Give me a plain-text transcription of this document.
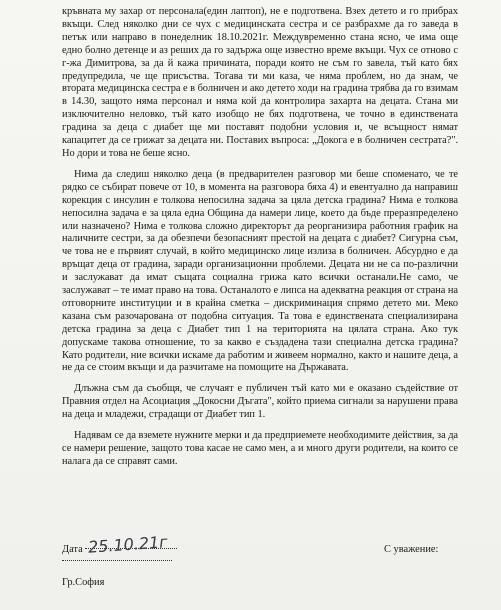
кръвната му захар от персонала(един лаптоп), не е подготвена. Взех детето и го прибрах вкъщи. След няколко дни се чух с медицинската сестра и се разбрахме да го заведа в петък или направо в понеделник 18.10.2021г. Междувременно стана ясно, че има още едно болно детенце и аз реших да го задържа още известно време вкъщи. Чух се отново с г-жа Димитрова, за да й кажа причината, поради която не съм го завела, тъй като бях предупредила, че ще присъства. Тогава ти ми каза, че няма проблем, но да знам, че втората медицинска сестра е в болничен и ако детето ходи на градина трябва да го взимам в 14.30, защото няма персонал и няма кой да контролира захарта на децата. Стана ми изключително неловко, тъй като изобщо не бях подготвена, че точно в единствената градина за деца с диабет ще ми поставят подобни условия и, че всъщност нямат капацитет да се грижат за децата ни. Поставих въпроса: „Докога е в болничен сестрата?". Но дори и това не беше ясно.

Нима да следиш няколко деца (в предварителен разговор ми беше споменато, че те рядко се събират повече от 10, в момента на разговора бяха 4) и евентуално да направиш корекция с инсулин е толкова непосилна задача за цяла детска градина? Нима е толкова непосилна задача е за цяла една Община да намери лице, което да бъде преразпределено или назначено? Нима е толкова сложно директорът да реорганизира работния график на наличните сестри, за да обезпечи безопасният престой на децата с диабет? Сигурна съм, че това не е първият случай, в който медицинско лице излиза в болничен. Абсурдно е да връщат деца от градина, заради организационни проблеми. Децата ни не са по-различни и заслужават да имат същата социална грижа като всички останали.Не само, че заслужават – те имат право на това. Останалото е липса на адекватна реакция от страна на отговорните институции и в крайна сметка – дискриминация спрямо детето ми. Меко казана съм разочарована от подобна ситуация. Та това е единствената специализирана детска градина за деца с Диабет тип 1 на територията на цялата страна. Ако тук допускаме такова отношение, то за какво е създадена тази специална детска градина? Като родители, ние всички искаме да работим и живеем нормално, както и нашите деца, а не да се стоим вкъщи и да разчитаме на помощите на Държавата.

Длъжна съм да съобщя, че случаят е публичен тъй като ми е оказано съдействие от Правния отдел на Асоциация „Докосни Дъгата", който приема сигнали за нарушени права на деца и младежи, страдащи от Диабет тип 1.

Надявам се да вземете нужните мерки и да предприемете необходимите действия, за да се намери решение, защото това касае не само мен, а и много други родители, на които се налага да се справят сами.

Дата 25.10.21г	С уважение:
Гр.София
